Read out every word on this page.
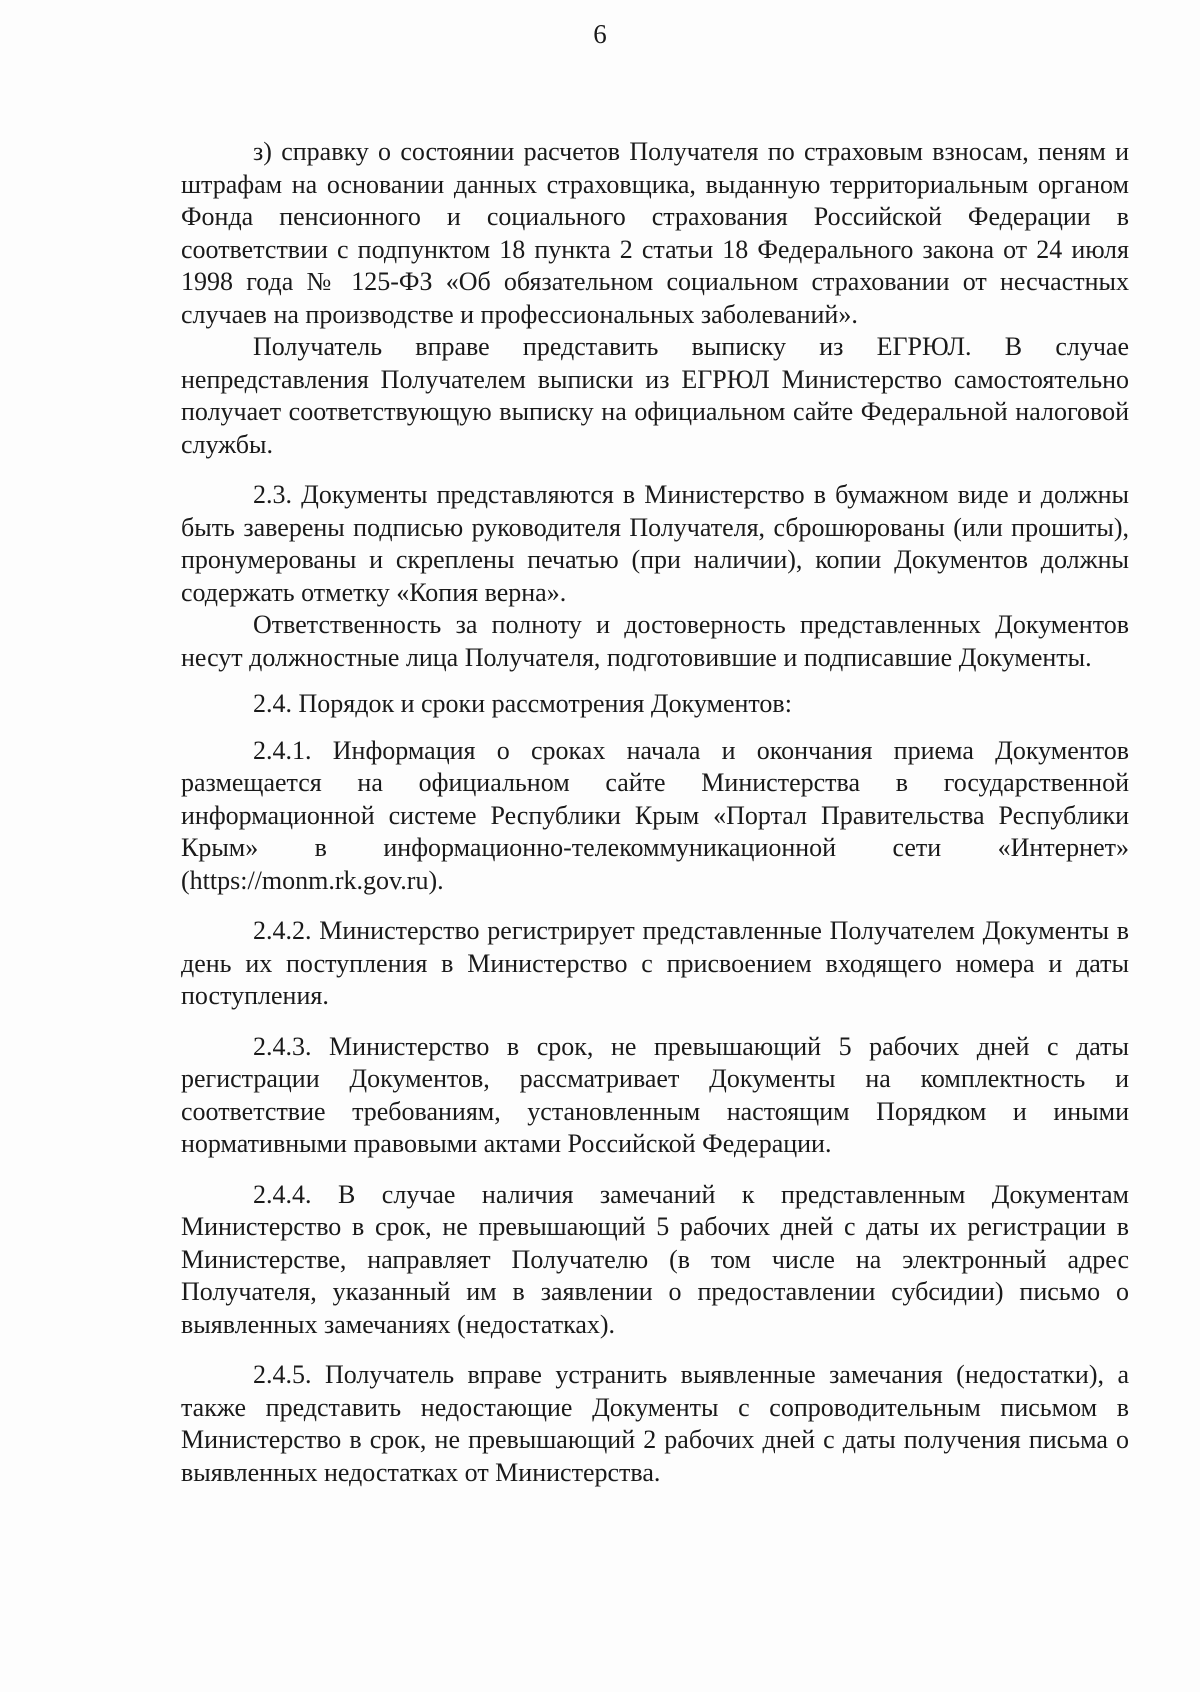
6

з) справку о состоянии расчетов Получателя по страховым взносам, пеням и штрафам на основании данных страховщика, выданную территориальным органом Фонда пенсионного и социального страхования Российской Федерации в соответствии с подпунктом 18 пункта 2 статьи 18 Федерального закона от 24 июля 1998 года № 125-ФЗ «Об обязательном социальном страховании от несчастных случаев на производстве и профессиональных заболеваний».

Получатель вправе представить выписку из ЕГРЮЛ. В случае непредставления Получателем выписки из ЕГРЮЛ Министерство самостоятельно получает соответствующую выписку на официальном сайте Федеральной налоговой службы.

2.3. Документы представляются в Министерство в бумажном виде и должны быть заверены подписью руководителя Получателя, сброшюрованы (или прошиты), пронумерованы и скреплены печатью (при наличии), копии Документов должны содержать отметку «Копия верна».

Ответственность за полноту и достоверность представленных Документов несут должностные лица Получателя, подготовившие и подписавшие Документы.

2.4. Порядок и сроки рассмотрения Документов:

2.4.1. Информация о сроках начала и окончания приема Документов размещается на официальном сайте Министерства в государственной информационной системе Республики Крым «Портал Правительства Республики Крым» в информационно-телекоммуникационной сети «Интернет» (https://monm.rk.gov.ru).

2.4.2. Министерство регистрирует представленные Получателем Документы в день их поступления в Министерство с присвоением входящего номера и даты поступления.

2.4.3. Министерство в срок, не превышающий 5 рабочих дней с даты регистрации Документов, рассматривает Документы на комплектность и соответствие требованиям, установленным настоящим Порядком и иными нормативными правовыми актами Российской Федерации.

2.4.4. В случае наличия замечаний к представленным Документам Министерство в срок, не превышающий 5 рабочих дней с даты их регистрации в Министерстве, направляет Получателю (в том числе на электронный адрес Получателя, указанный им в заявлении о предоставлении субсидии) письмо о выявленных замечаниях (недостатках).

2.4.5. Получатель вправе устранить выявленные замечания (недостатки), а также представить недостающие Документы с сопроводительным письмом в Министерство в срок, не превышающий 2 рабочих дней с даты получения письма о выявленных недостатках от Министерства.
